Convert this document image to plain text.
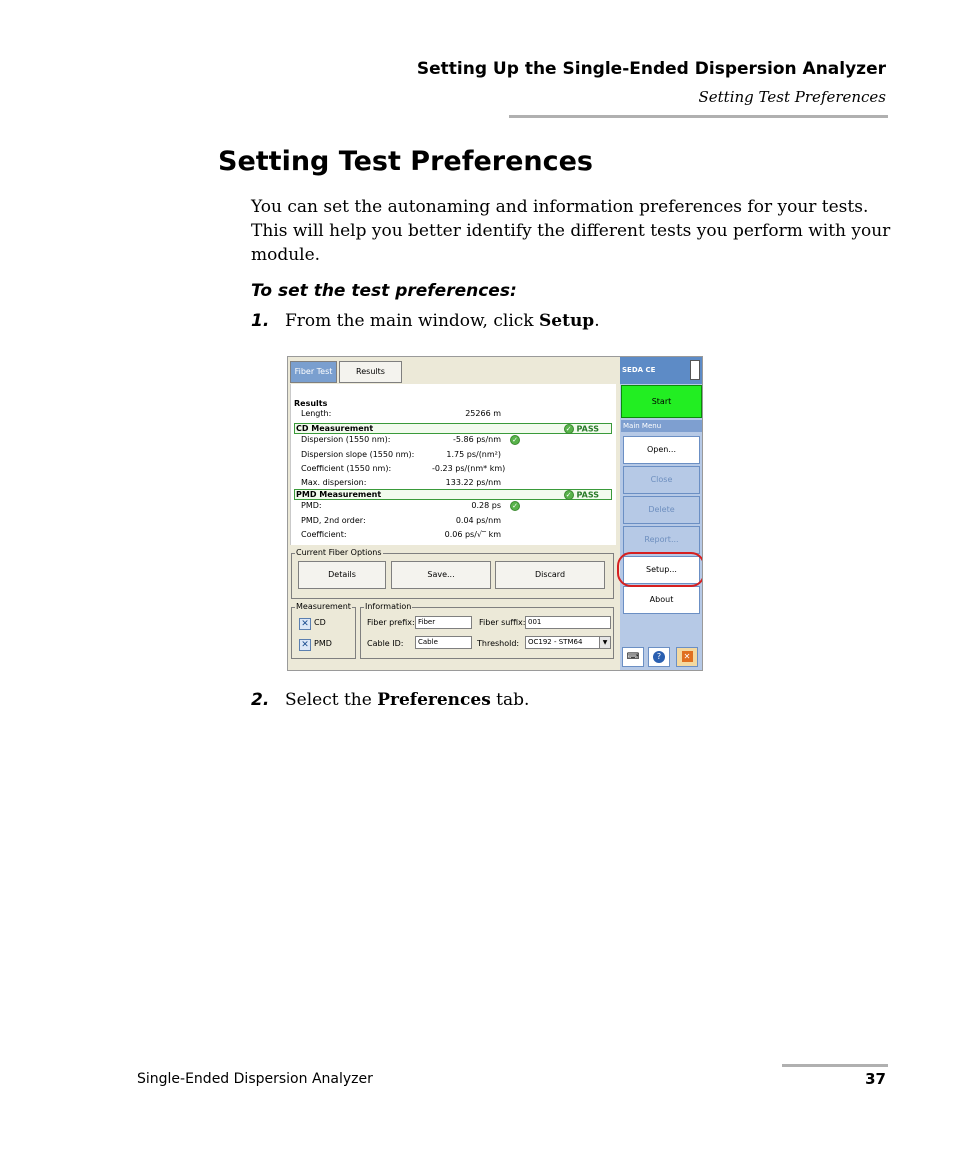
Setting Up the Single-Ended Dispersion Analyzer
Setting Test Preferences
Setting Test Preferences

You can set the autonaming and information preferences for your tests. This will help you better identify the different tests you perform with your module.

To set the test preferences:
1. From the main window, click Setup.
Fiber Test	Results
Results
Length:	25266 m
CD Measurement	✓ PASS
Dispersion (1550 nm):	-5.86 ps/nm ✓
Dispersion slope (1550 nm):	1.75 ps/(nm²)
Coefficient (1550 nm):	-0.23 ps/(nm* km)
Max. dispersion:	133.22 ps/nm
PMD Measurement	✓ PASS
PMD:	0.28 ps ✓
PMD, 2nd order:	0.04 ps/nm
Coefficient:	0.06 ps/√‾ km
Current Fiber Options
Details	Save...	Discard
Measurement
✕ CD
✕ PMD
Information
Fiber prefix: Fiber	Fiber suffix: 001
Cable ID:	Cable	Threshold:	OC192 - STM64	▼
SEDA CE
Start
Main Menu
Open...
Close
Delete
Report...
Setup...
About
⌨	?	✕
2. Select the Preferences tab.
Single-Ended Dispersion Analyzer	37
